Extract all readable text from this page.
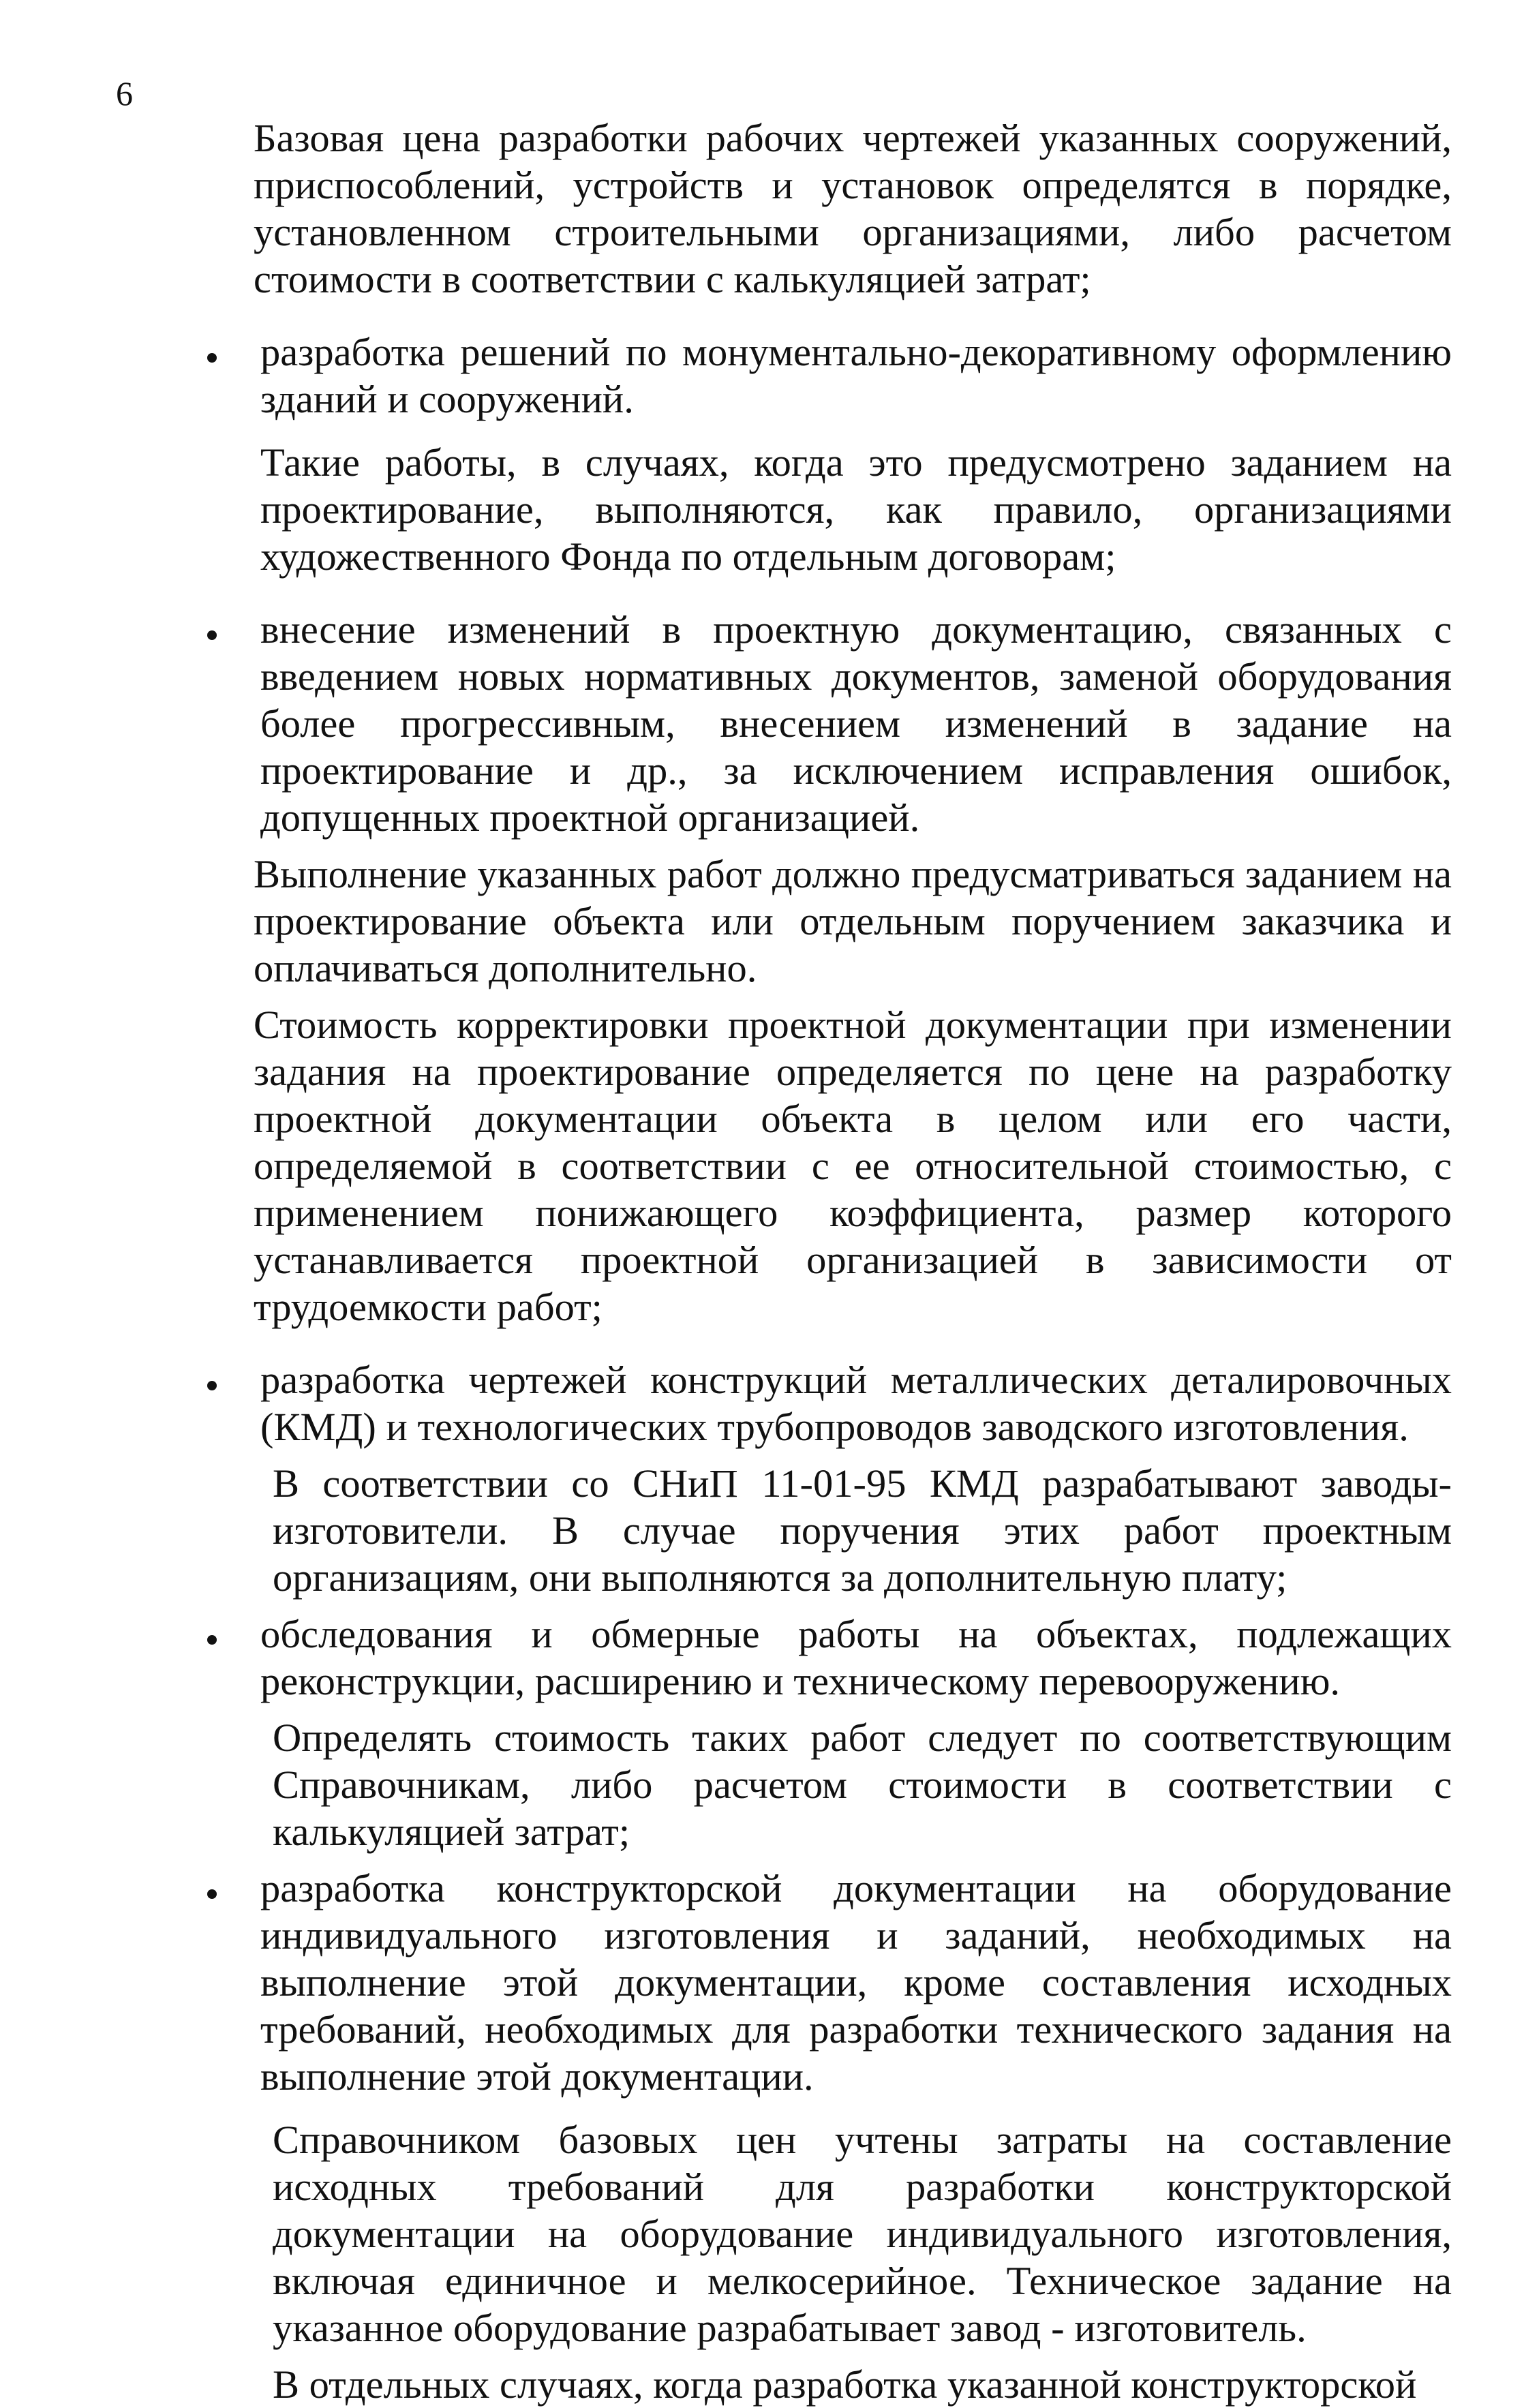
6

Базовая цена разработки рабочих чертежей указанных сооружений, приспособлений, устройств и установок определятся в порядке, установленном строительными организациями, либо расчетом стоимости в соответствии с калькуляцией затрат;

разработка решений по монументально-декоративному оформлению зданий и сооружений.

Такие работы, в случаях, когда это предусмотрено заданием на проектирование, выполняются, как правило, организациями художественного Фонда по отдельным договорам;

внесение изменений в проектную документацию, связанных с введением новых нормативных документов, заменой оборудования более прогрессивным, внесением изменений в задание на проектирование и др., за исключением исправления ошибок, допущенных проектной организацией.

Выполнение указанных работ должно предусматриваться заданием на проектирование объекта или отдельным поручением заказчика и оплачиваться дополнительно.

Стоимость корректировки проектной документации при изменении задания на проектирование определяется по цене на разработку проектной документации объекта в целом или его части, определяемой в соответствии с ее относительной стоимостью, с применением понижающего коэффициента, размер которого устанавливается проектной организацией в зависимости от трудоемкости работ;

разработка чертежей конструкций металлических деталировочных (КМД) и технологических трубопроводов заводского изготовления.

В соответствии со СНиП 11-01-95 КМД разрабатывают заводы-изготовители. В случае поручения этих работ проектным организациям, они выполняются за дополнительную плату;

обследования и обмерные работы на объектах, подлежащих реконструкции, расширению и техническому перевооружению.

Определять стоимость таких работ следует по соответствующим Справочникам, либо расчетом стоимости в соответствии с калькуляцией затрат;

разработка конструкторской документации на оборудование индивидуального изготовления и заданий, необходимых на выполнение этой документации, кроме составления исходных требований, необходимых для разработки технического задания на выполнение этой документации.

Справочником базовых цен учтены затраты на составление исходных требований для разработки конструкторской документации на оборудование индивидуального изготовления, включая единичное и мелкосерийное. Техническое задание на указанное оборудование разрабатывает завод - изготовитель.

В отдельных случаях, когда разработка указанной конструкторской
